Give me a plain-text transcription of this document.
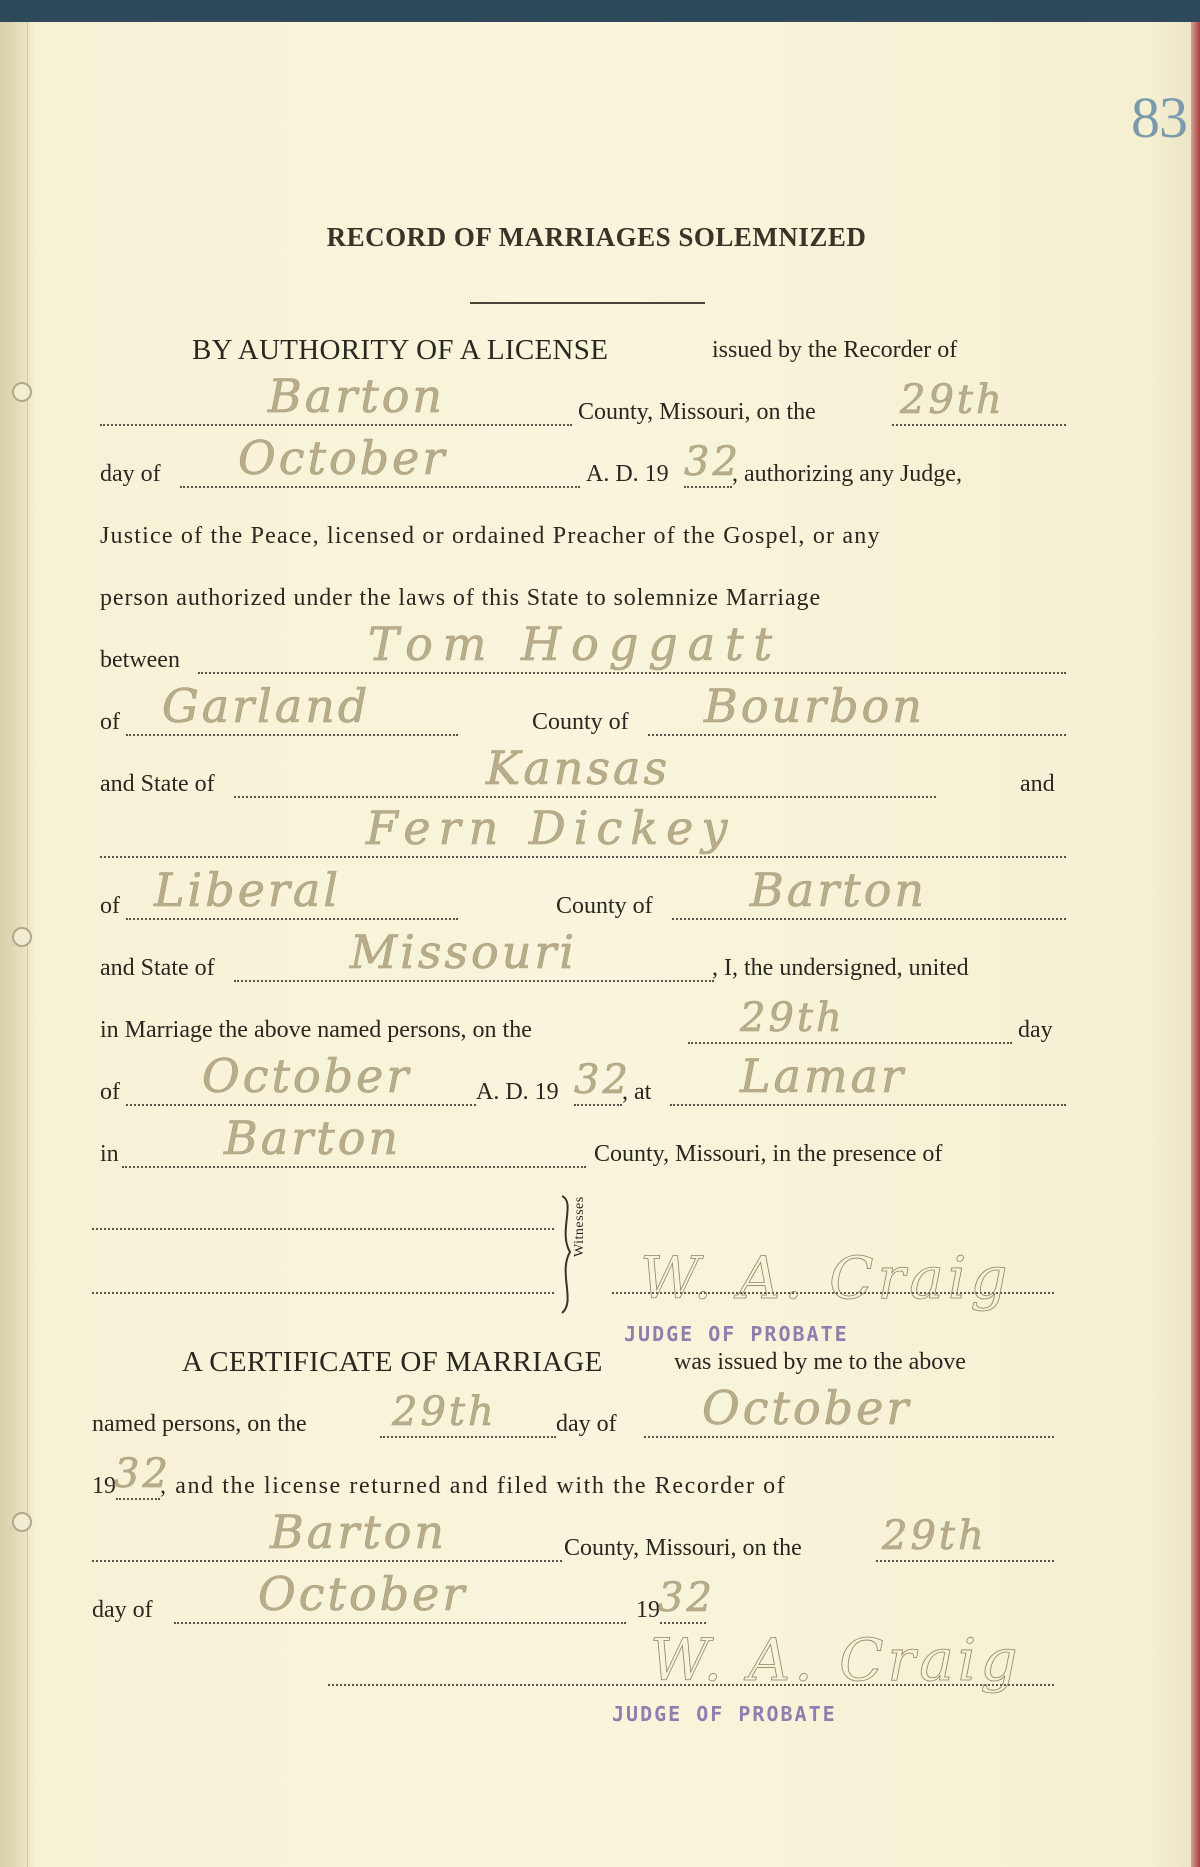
83
RECORD OF MARRIAGES SOLEMNIZED
BY AUTHORITY OF A LICENSE	issued by the Recorder of
Barton	County, Missouri, on the 29th
day of October	A. D. 19 32
, authorizing any Judge,
Justice of the Peace, licensed or ordained Preacher of the Gospel, or any
person authorized under the laws of this State to solemnize Marriage
between	Tom Hoggatt
of Garland	County of Bourbon
and State of	Kansas	and
Fern Dickey
of Liberal	County of Barton
and State of	Missouri	, I, the undersigned, united
in Marriage the above named persons, on the	29th	day
of October	A. D. 19 32
, at Lamar
in Barton	County, Missouri, in the presence of
Witnesses
W. A. Craig
JUDGE OF PROBATE
A CERTIFICATE OF MARRIAGE	was issued by me to the above
named persons, on the 29th day of October
19
32
, and the license returned and filed with the Recorder of
Barton	County, Missouri, on the 29th
day of October	19
32
W. A. Craig
JUDGE OF PROBATE
